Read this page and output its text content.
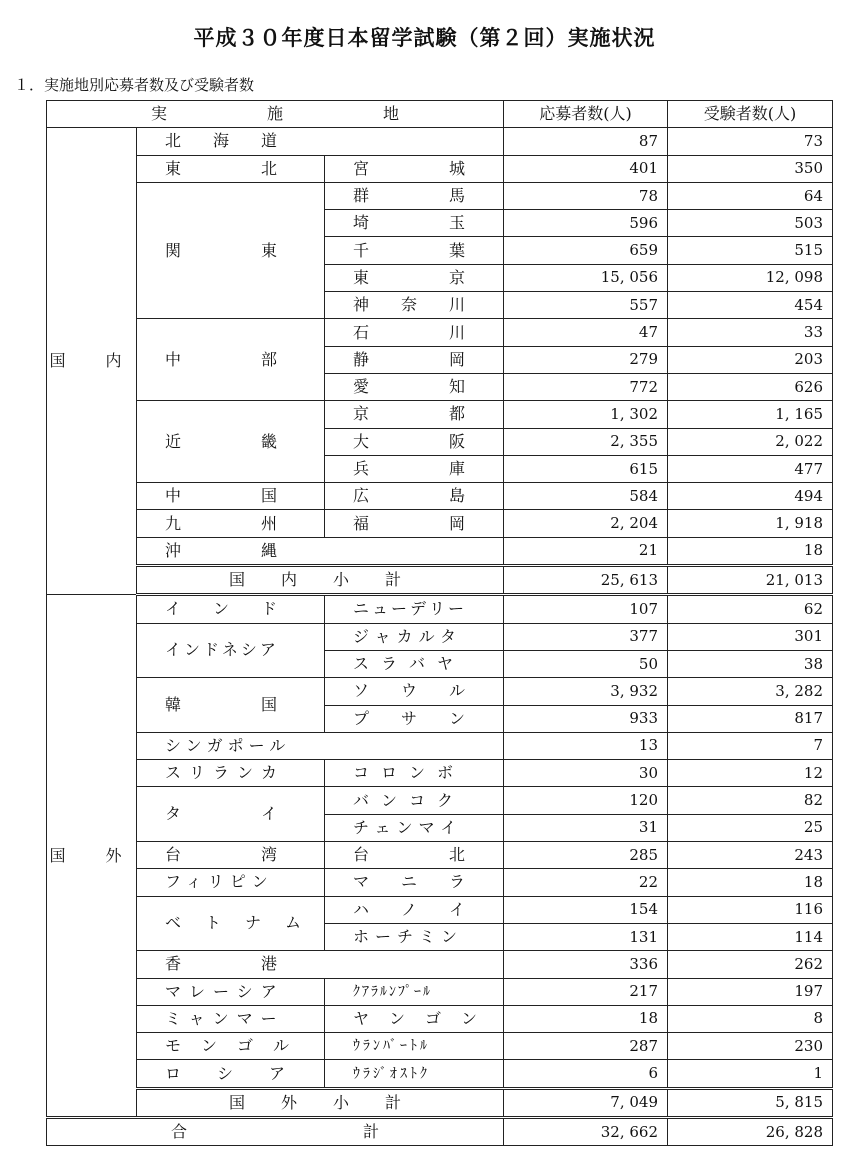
平成３０年度日本留学試験（第２回）実施状況
１．実施地別応募者数及び受験者数
実　施　地			応募者数(人)	受験者数(人)
国　内	北　海　道		87	73
	東　　　北	宮　　　城	401	350
	関　　　東	群　　　馬	78	64
		埼　　　玉	596	503
		千　　　葉	659	515
		東　　　京	15, 056	12, 098
		神　奈　川	557	454
	中　　　部	石　　　川	47	33
		静　　　岡	279	203
		愛　　　知	772	626
	近　　　畿	京　　　都	1, 302	1, 165
		大　　　阪	2, 355	2, 022
		兵　　　庫	615	477
	中　　　国	広　　　島	584	494
	九　　　州	福　　　岡	2, 204	1, 918
	沖　　　縄		21	18
	国　内　小　計		25, 613	21, 013
国　外	イ　ン　ド	ニューデリー	107	62
	インドネシア	ジャカルタ	377	301
		スラバヤ	50	38
	韓　　　国	ソ　ウ　ル	3, 932	3, 282
		プ　サ　ン	933	817
	シンガポール		13	7
	スリランカ	コロンボ	30	12
	タ　　　イ	バンコク	120	82
		チェンマイ	31	25
	台　　　湾	台　　　北	285	243
	フィリピン	マ　ニ　ラ	22	18
	ベ　ト　ナ　ム	ハ　ノ　イ	154	116
		ホーチミン	131	114
	香　　　港		336	262
	マレーシア	ｸｱﾗﾙﾝﾌﾟｰﾙ	217	197
	ミャンマー	ヤ　ン　ゴ　ン	18	8
	モ　ン　ゴ　ル	ｳﾗﾝﾊﾞｰﾄﾙ	287	230
	ロ　シ　ア	ｳﾗｼﾞｵｽﾄｸ	6	1
	国　外　小　計		7, 049	5, 815
合　計			32, 662	26, 828
